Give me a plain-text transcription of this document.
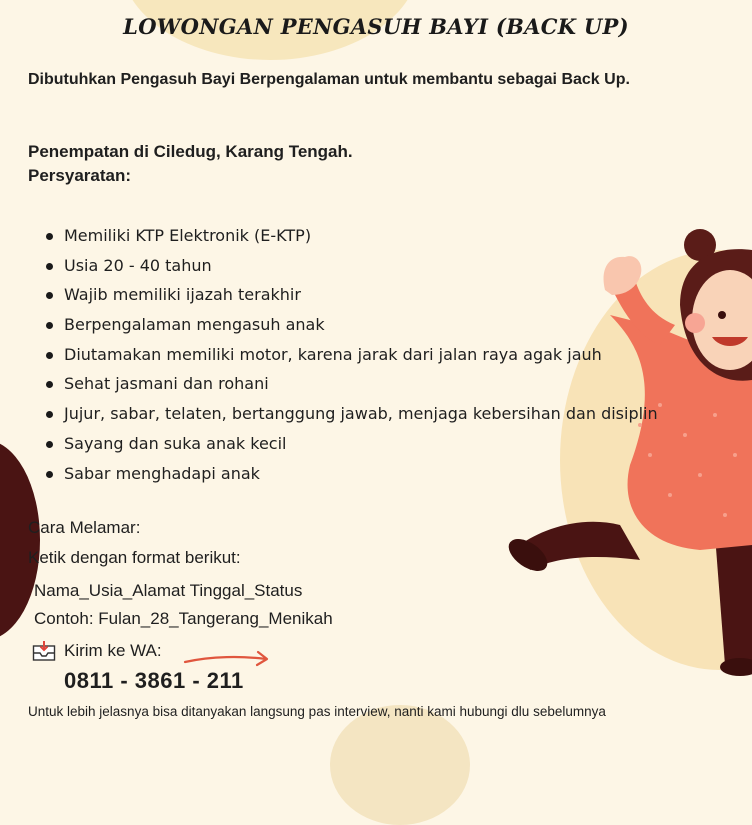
LOWONGAN PENGASUH BAYI (BACK UP)
Dibutuhkan Pengasuh Bayi Berpengalaman untuk membantu sebagai Back Up.
Penempatan di Ciledug, Karang Tengah.
Persyaratan:
Memiliki KTP Elektronik (E-KTP)
Usia 20 - 40 tahun
Wajib memiliki ijazah terakhir
Berpengalaman mengasuh anak
Diutamakan memiliki motor, karena jarak dari jalan raya agak jauh
Sehat jasmani dan rohani
Jujur, sabar, telaten, bertanggung jawab, menjaga kebersihan dan disiplin
Sayang dan suka anak kecil
Sabar menghadapi anak
Cara Melamar:
Ketik dengan format berikut:
Nama_Usia_Alamat Tinggal_Status
Contoh: Fulan_28_Tangerang_Menikah
Kirim ke WA:
0811 - 3861 - 211
Untuk lebih jelasnya bisa ditanyakan langsung pas interview, nanti kami hubungi dlu sebelumnya
